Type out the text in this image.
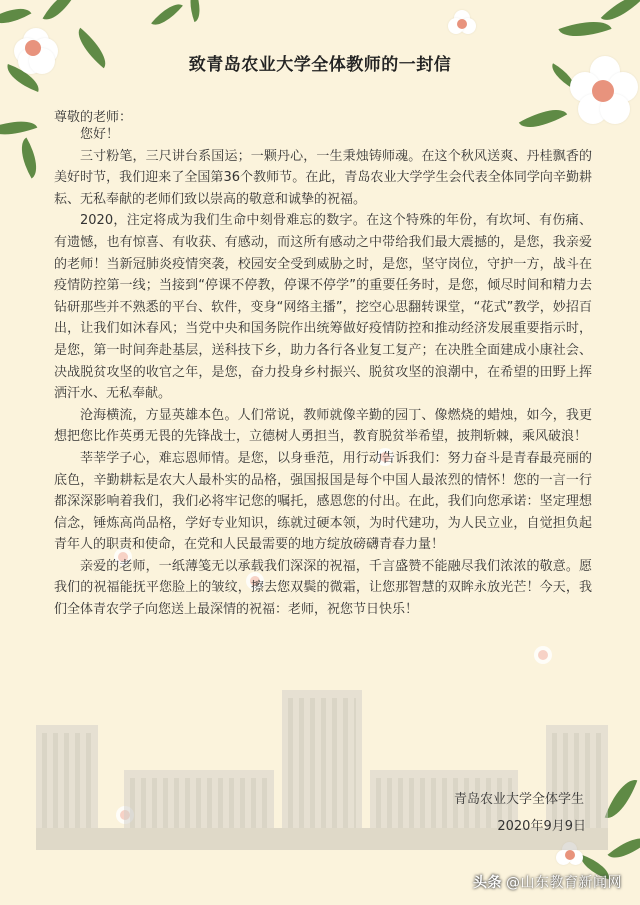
致青岛农业大学全体教师的一封信
尊敬的老师：

您好！

三寸粉笔，三尺讲台系国运；一颗丹心，一生秉烛铸师魂。在这个秋风送爽、丹桂飘香的美好时节，我们迎来了全国第36个教师节。在此，青岛农业大学学生会代表全体同学向辛勤耕耘、无私奉献的老师们致以崇高的敬意和诚挚的祝福。

2020，注定将成为我们生命中刻骨难忘的数字。在这个特殊的年份，有坎坷、有伤痛、有遗憾，也有惊喜、有收获、有感动，而这所有感动之中带给我们最大震撼的，是您，我亲爱的老师！当新冠肺炎疫情突袭，校园安全受到威胁之时，是您，坚守岗位，守护一方，战斗在疫情防控第一线；当接到“停课不停教，停课不停学”的重要任务时，是您，倾尽时间和精力去钻研那些并不熟悉的平台、软件，变身“网络主播”，挖空心思翻转课堂，“花式”教学，妙招百出，让我们如沐春风；当党中央和国务院作出统筹做好疫情防控和推动经济发展重要指示时，是您，第一时间奔赴基层，送科技下乡，助力各行各业复工复产；在决胜全面建成小康社会、决战脱贫攻坚的收官之年，是您，奋力投身乡村振兴、脱贫攻坚的浪潮中，在希望的田野上挥洒汗水、无私奉献。

沧海横流，方显英雄本色。人们常说，教师就像辛勤的园丁、像燃烧的蜡烛，如今，我更想把您比作英勇无畏的先锋战士，立德树人勇担当，教育脱贫举希望，披荆斩棘，乘风破浪！

莘莘学子心，难忘恩师情。是您，以身垂范，用行动告诉我们：努力奋斗是青春最亮丽的底色，辛勤耕耘是农大人最朴实的品格，强国报国是每个中国人最浓烈的情怀！您的一言一行都深深影响着我们，我们必将牢记您的嘱托，感恩您的付出。在此，我们向您承诺：坚定理想信念，锤炼高尚品格，学好专业知识，练就过硬本领，为时代建功，为人民立业，自觉担负起青年人的职责和使命，在党和人民最需要的地方绽放磅礴青春力量！

亲爱的老师，一纸薄笺无以承载我们深深的祝福，千言盛赞不能融尽我们浓浓的敬意。愿我们的祝福能抚平您脸上的皱纹，擦去您双鬓的微霜，让您那智慧的双眸永放光芒！今天，我们全体青农学子向您送上最深情的祝福：老师，祝您节日快乐！

青岛农业大学全体学生
2020年9月9日
头条 @山东教育新闻网
